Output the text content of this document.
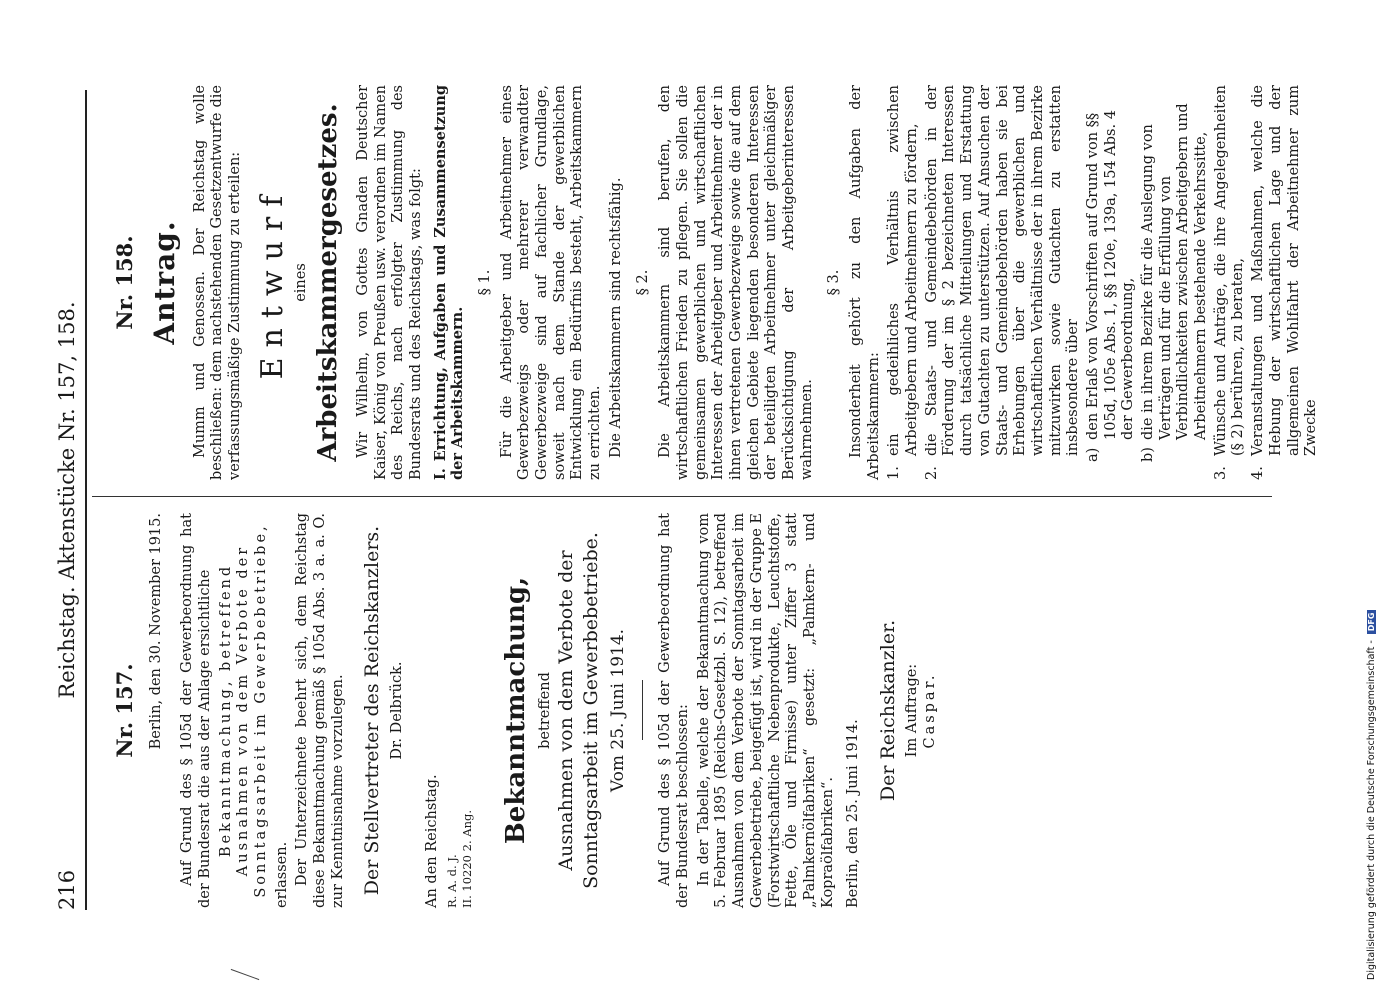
216
Reichstag. Aktenstücke Nr. 157, 158.
Nr. 157. Berlin, den 30. November 1915. Auf Grund des § 105d der Gewerbeordnung hat der Bundesrat die aus der Anlage ersichtliche Bekanntmachung, betreffend Ausnahmen von dem Verbote der Sonntagsarbeit im Gewerbebetriebe, erlassen. Der Unterzeichnete beehrt sich, dem Reichstag diese Bekanntmachung gemäß § 105d Abs. 3 a. a. O. zur Kenntnisnahme vorzulegen. Der Stellvertreter des Reichskanzlers. Dr. Delbrück.

An den Reichstag. R. A. d. J. II. 10220 2. Ang.
Bekanntmachung, betreffend Ausnahmen von dem Verbote der Sonntagsarbeit im Gewerbebetriebe. Vom 25. Juni 1914. Auf Grund des § 105d der Gewerbeordnung hat der Bundesrat beschlossen: In der Tabelle, welche der Bekanntmachung vom 5. Februar 1895 (Reichs-Gesetzbl. S. 12), betreffend Ausnahmen von dem Verbote der Sonntagsarbeit im Gewerbebetriebe, beigefügt ist, wird in der Gruppe E (Forstwirtschaftliche Nebenprodukte, Leuchtstoffe, Fette, Öle und Firnisse) unter Ziffer 3 statt „Palmkernölfabriken“ gesetzt: „Palmkern- und Kopraölfabriken“. Berlin, den 25. Juni 1914.

Der Reichskanzler. Im Auftrage: Caspar.
Nr. 158. Antrag. Mumm und Genossen. Der Reichstag wolle beschließen: dem nachstehenden Gesetzentwurfe die verfassungsmäßige Zustimmung zu erteilen: Entwurf eines Arbeitskammergesetzes. Wir Wilhelm, von Gottes Gnaden Deutscher Kaiser, König von Preußen usw. verordnen im Namen des Reichs, nach erfolgter Zustimmung des Bundesrats und des Reichstags, was folgt: I. Errichtung, Aufgaben und Zusammensetzung der Arbeitskammern.

§ 1. Für die Arbeitgeber und Arbeitnehmer eines Gewerbezweigs oder mehrerer verwandter Gewerbezweige sind auf fachlicher Grundlage, soweit nach dem Stande der gewerblichen Entwicklung ein Bedürfnis besteht, Arbeitskammern zu errichten. Die Arbeitskammern sind rechtsfähig. § 2. Die Arbeitskammern sind berufen, den wirtschaftlichen Frieden zu pflegen. Sie sollen die gemeinsamen gewerblichen und wirtschaftlichen Interessen der Arbeitgeber und Arbeitnehmer der in ihnen vertretenen Gewerbezweige sowie die auf dem gleichen Gebiete liegenden besonderen Interessen der beteiligten Arbeitnehmer unter gleichmäßiger Berücksichtigung der Arbeitgeberinteressen wahrnehmen.

§ 3. Insonderheit gehört zu den Aufgaben der Arbeitskammern: 1.
ein gedeihliches Verhältnis zwischen Arbeitgebern und Arbeitnehmern zu fördern,
2.
die Staats- und Gemeindebehörden in der Förderung der im § 2 bezeichneten Interessen durch tatsächliche Mitteilungen und Erstattung von Gutachten zu unterstützen. Auf Ansuchen der Staats- und Gemeindebehörden haben sie bei Erhebungen über die gewerblichen und wirtschaftlichen Verhältnisse der in ihrem Bezirke mitzuwirken sowie Gutachten zu erstatten insbesondere über a)
den Erlaß von Vorschriften auf Grund von §§ 105d, 105e Abs. 1, §§ 120e, 139a, 154 Abs. 4 der Gewerbeordnung,
b)
die in ihrem Bezirke für die Auslegung von Verträgen und für die Erfüllung von Verbindlichkeiten zwischen Arbeitgebern und Arbeitnehmern bestehende Verkehrssitte,
3.
Wünsche und Anträge, die ihre Angelegenheiten (§ 2) berühren, zu beraten,
4.
Veranstaltungen und Maßnahmen, welche die Hebung der wirtschaftlichen Lage und der allgemeinen Wohlfahrt der Arbeitnehmer zum Zwecke
Digitalisierung gefördert durch die Deutsche Forschungsgemeinschaft -DFG
